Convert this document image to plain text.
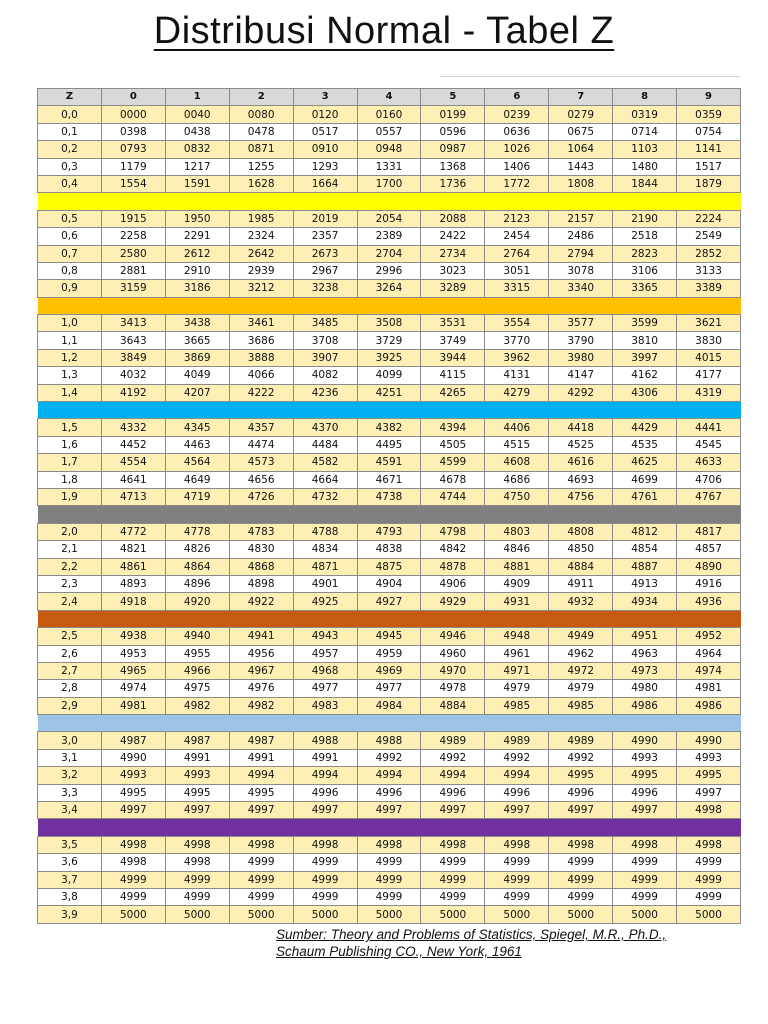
Distribusi Normal - Tabel Z
Z	0	1	2	3	4	5	6	7	8	9
0,0	0000	0040	0080	0120	0160	0199	0239	0279	0319	0359
0,1	0398	0438	0478	0517	0557	0596	0636	0675	0714	0754
0,2	0793	0832	0871	0910	0948	0987	1026	1064	1103	1141
0,3	1179	1217	1255	1293	1331	1368	1406	1443	1480	1517
0,4	1554	1591	1628	1664	1700	1736	1772	1808	1844	1879

0,5	1915	1950	1985	2019	2054	2088	2123	2157	2190	2224
0,6	2258	2291	2324	2357	2389	2422	2454	2486	2518	2549
0,7	2580	2612	2642	2673	2704	2734	2764	2794	2823	2852
0,8	2881	2910	2939	2967	2996	3023	3051	3078	3106	3133
0,9	3159	3186	3212	3238	3264	3289	3315	3340	3365	3389

1,0	3413	3438	3461	3485	3508	3531	3554	3577	3599	3621
1,1	3643	3665	3686	3708	3729	3749	3770	3790	3810	3830
1,2	3849	3869	3888	3907	3925	3944	3962	3980	3997	4015
1,3	4032	4049	4066	4082	4099	4115	4131	4147	4162	4177
1,4	4192	4207	4222	4236	4251	4265	4279	4292	4306	4319

1,5	4332	4345	4357	4370	4382	4394	4406	4418	4429	4441
1,6	4452	4463	4474	4484	4495	4505	4515	4525	4535	4545
1,7	4554	4564	4573	4582	4591	4599	4608	4616	4625	4633
1,8	4641	4649	4656	4664	4671	4678	4686	4693	4699	4706
1,9	4713	4719	4726	4732	4738	4744	4750	4756	4761	4767

2,0	4772	4778	4783	4788	4793	4798	4803	4808	4812	4817
2,1	4821	4826	4830	4834	4838	4842	4846	4850	4854	4857
2,2	4861	4864	4868	4871	4875	4878	4881	4884	4887	4890
2,3	4893	4896	4898	4901	4904	4906	4909	4911	4913	4916
2,4	4918	4920	4922	4925	4927	4929	4931	4932	4934	4936

2,5	4938	4940	4941	4943	4945	4946	4948	4949	4951	4952
2,6	4953	4955	4956	4957	4959	4960	4961	4962	4963	4964
2,7	4965	4966	4967	4968	4969	4970	4971	4972	4973	4974
2,8	4974	4975	4976	4977	4977	4978	4979	4979	4980	4981
2,9	4981	4982	4982	4983	4984	4884	4985	4985	4986	4986

3,0	4987	4987	4987	4988	4988	4989	4989	4989	4990	4990
3,1	4990	4991	4991	4991	4992	4992	4992	4992	4993	4993
3,2	4993	4993	4994	4994	4994	4994	4994	4995	4995	4995
3,3	4995	4995	4995	4996	4996	4996	4996	4996	4996	4997
3,4	4997	4997	4997	4997	4997	4997	4997	4997	4997	4998

3,5	4998	4998	4998	4998	4998	4998	4998	4998	4998	4998
3,6	4998	4998	4999	4999	4999	4999	4999	4999	4999	4999
3,7	4999	4999	4999	4999	4999	4999	4999	4999	4999	4999
3,8	4999	4999	4999	4999	4999	4999	4999	4999	4999	4999
3,9	5000	5000	5000	5000	5000	5000	5000	5000	5000	5000
Sumber: Theory and Problems of Statistics, Spiegel, M.R., Ph.D.,
Schaum Publishing CO., New York, 1961
